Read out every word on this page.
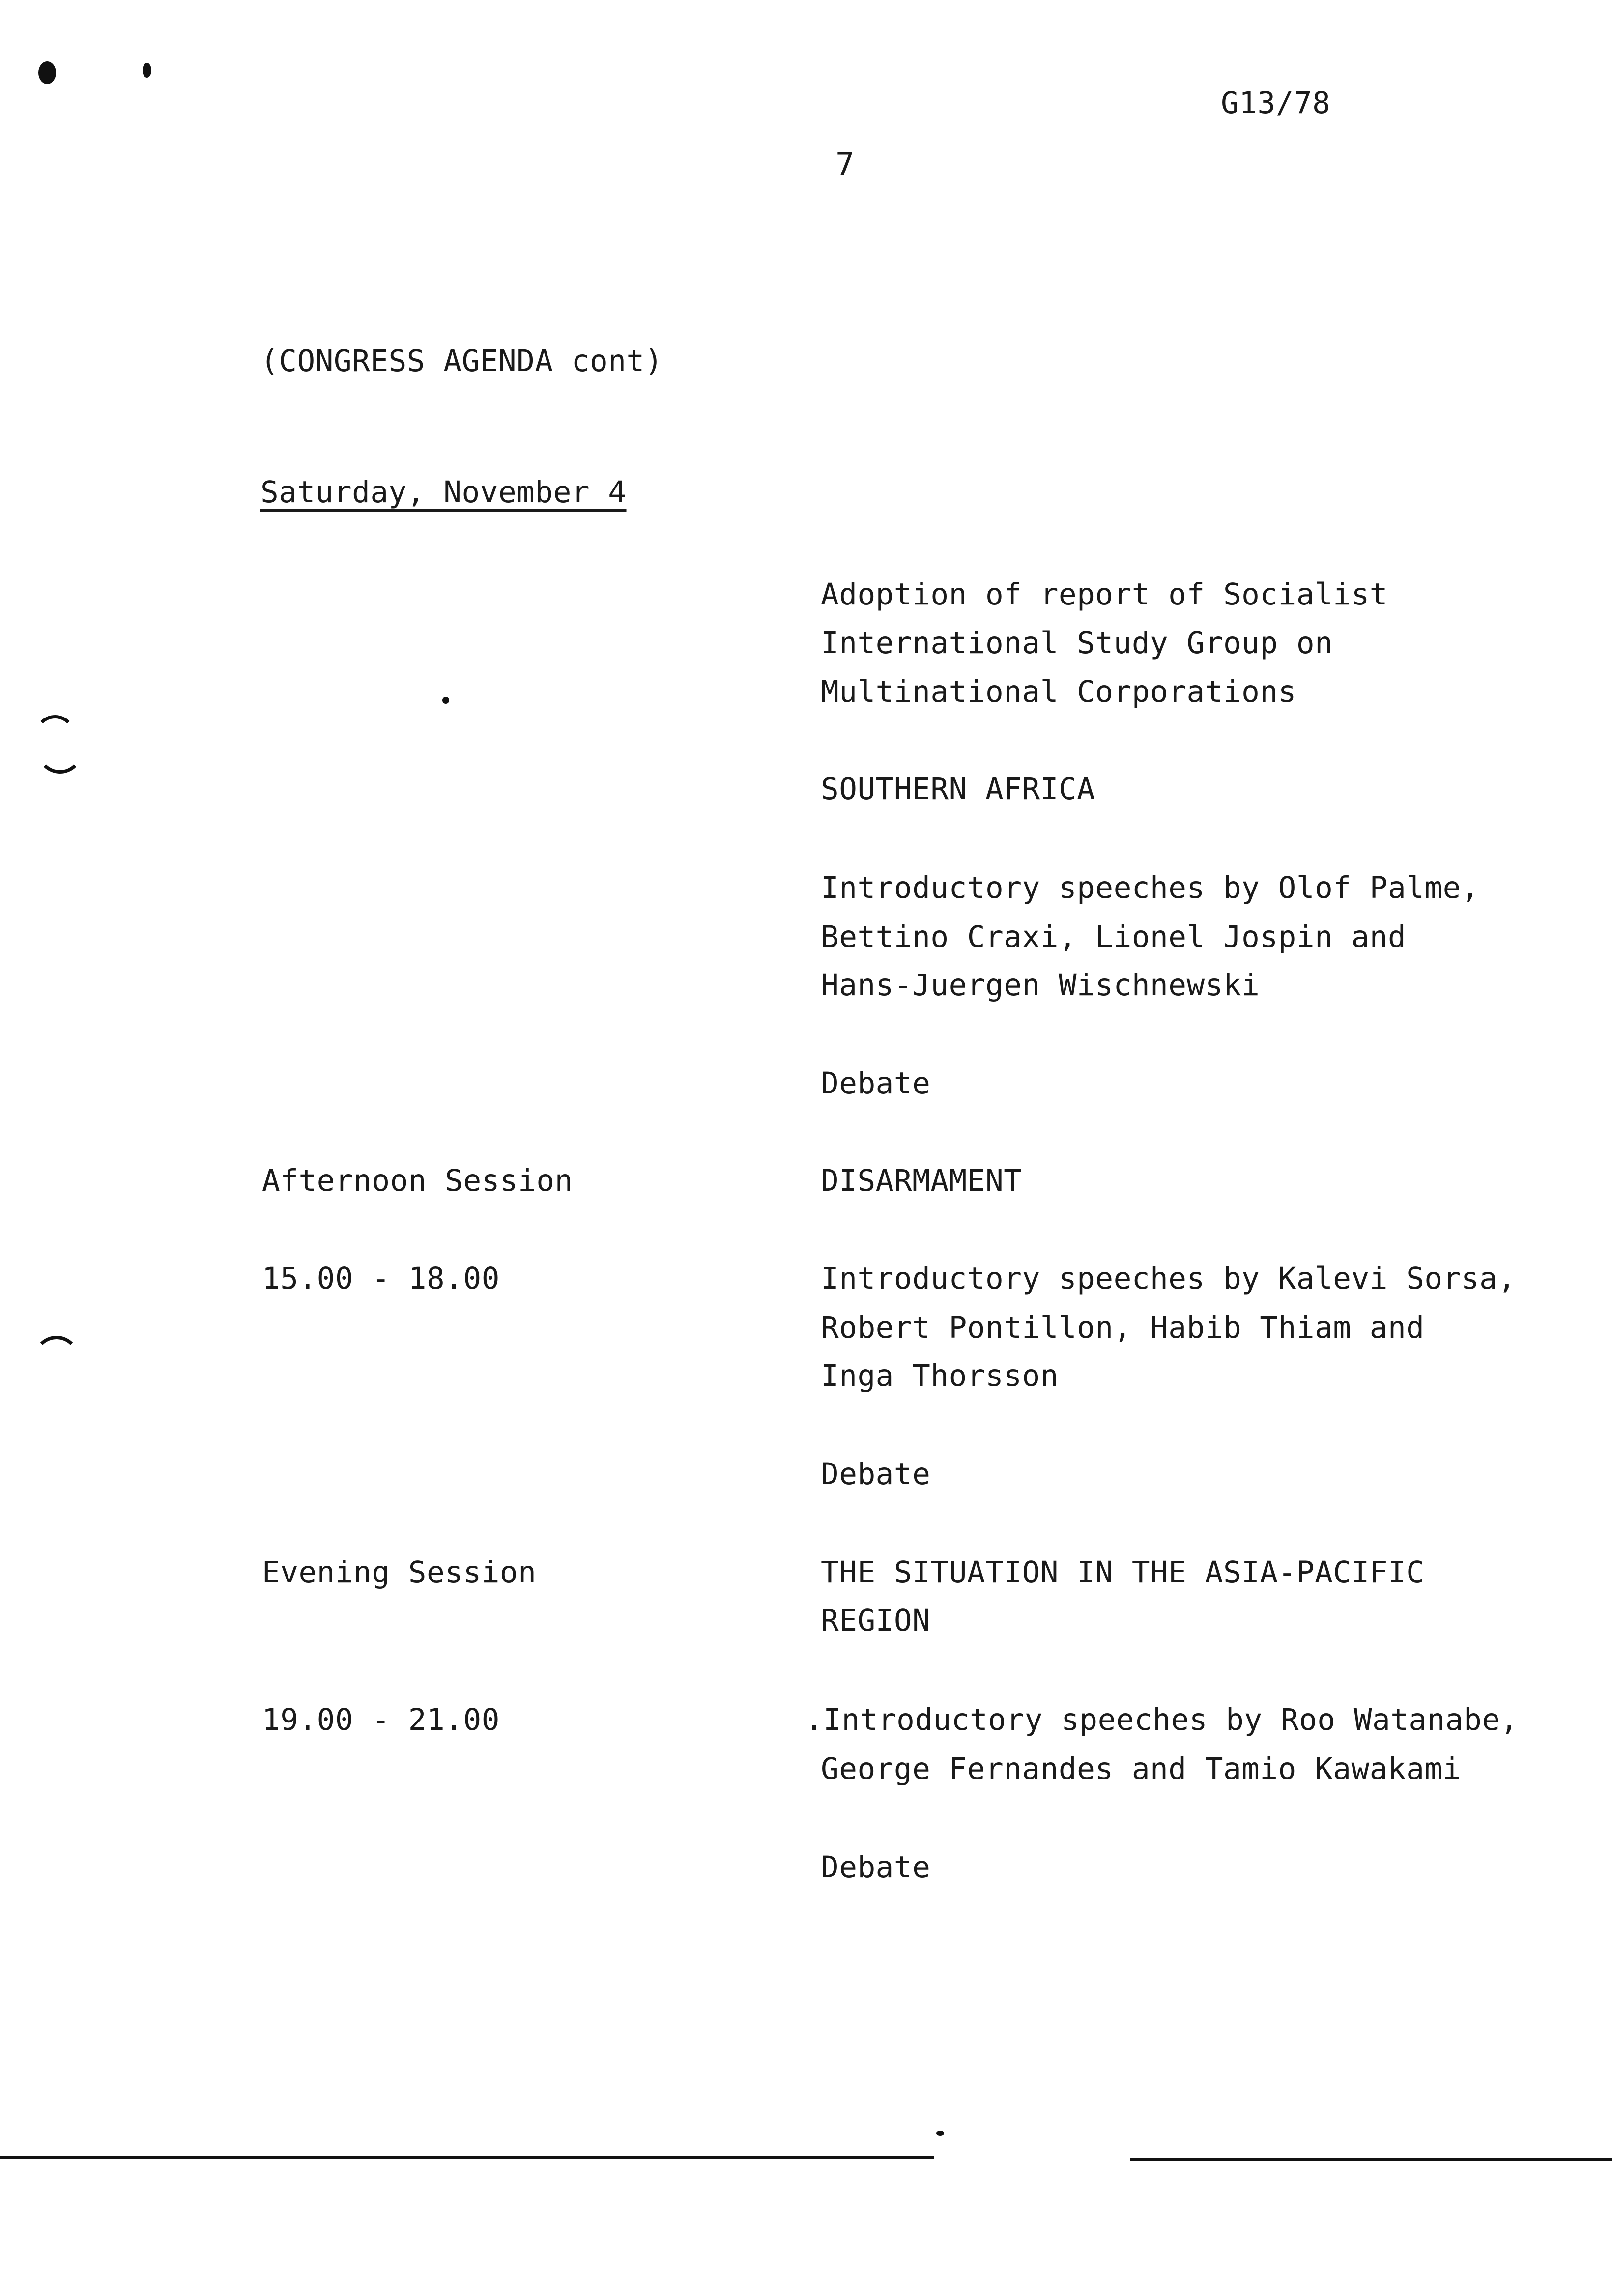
G13/78
7
(CONGRESS AGENDA cont)
Saturday, November 4
Adoption of report of Socialist
International Study Group on
Multinational Corporations
SOUTHERN AFRICA
Introductory speeches by Olof Palme,
Bettino Craxi, Lionel Jospin and
Hans-Juergen Wischnewski
Debate
Afternoon Session	DISARMAMENT
15.00 - 18.00	Introductory speeches by Kalevi Sorsa,
Robert Pontillon, Habib Thiam and
Inga Thorsson
Debate
Evening Session	THE SITUATION IN THE ASIA-PACIFIC
REGION
19.00 - 21.00	.Introductory speeches by Roo Watanabe,
George Fernandes and Tamio Kawakami
Debate
